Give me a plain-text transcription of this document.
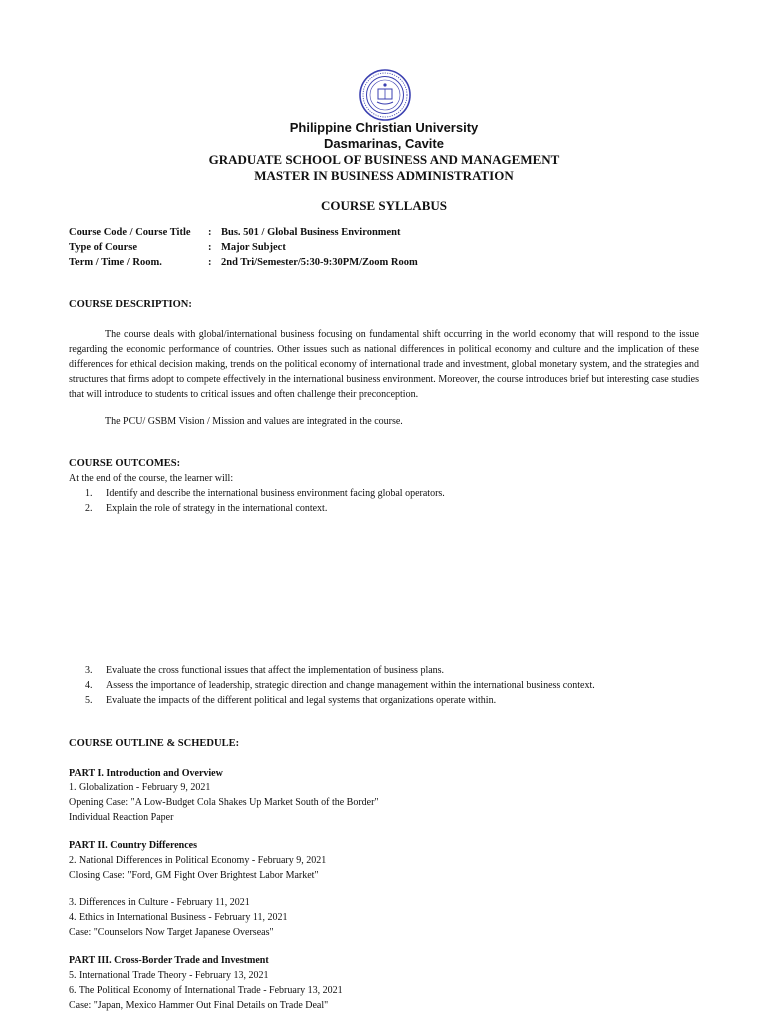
Philippine Christian University
Dasmarinas, Cavite
GRADUATE SCHOOL OF BUSINESS AND MANAGEMENT
MASTER IN BUSINESS ADMINISTRATION
COURSE SYLLABUS
Course Code / Course Title : Bus. 501 / Global Business Environment
Type of Course	: Major Subject
Term / Time / Room.	: 2nd Tri/Semester/5:30-9:30PM/Zoom Room
COURSE DESCRIPTION:
The course deals with global/international business focusing on fundamental shift occurring in the world economy that will respond to the issue regarding the economic performance of countries. Other issues such as national differences in political economy and culture and the implication of these differences for ethical decision making, trends on the political economy of international trade and investment, global monetary system, and the strategies and structures that firms adopt to compete effectively in the international business environment. Moreover, the course introduces brief but interesting case studies that will introduce to students to critical issues and often challenge their preconception.
The PCU/ GSBM Vision / Mission and values are integrated in the course.
COURSE OUTCOMES:
At the end of the course, the learner will:
1. Identify and describe the international business environment facing global operators.
2. Explain the role of strategy in the international context.
3. Evaluate the cross functional issues that affect the implementation of business plans.
4. Assess the importance of leadership, strategic direction and change management within the international business context.
5. Evaluate the impacts of the different political and legal systems that organizations operate within.
COURSE OUTLINE & SCHEDULE:
PART I. Introduction and Overview
1. Globalization - February 9, 2021
Opening Case: "A Low-Budget Cola Shakes Up Market South of the Border"
Individual Reaction Paper
PART II. Country Differences
2. National Differences in Political Economy - February 9, 2021
Closing Case: "Ford, GM Fight Over Brightest Labor Market"
3. Differences in Culture - February 11, 2021
4. Ethics in International Business - February 11, 2021
Case: "Counselors Now Target Japanese Overseas"
PART III. Cross-Border Trade and Investment
5. International Trade Theory - February 13, 2021
6. The Political Economy of International Trade - February 13, 2021
Case: "Japan, Mexico Hammer Out Final Details on Trade Deal"
